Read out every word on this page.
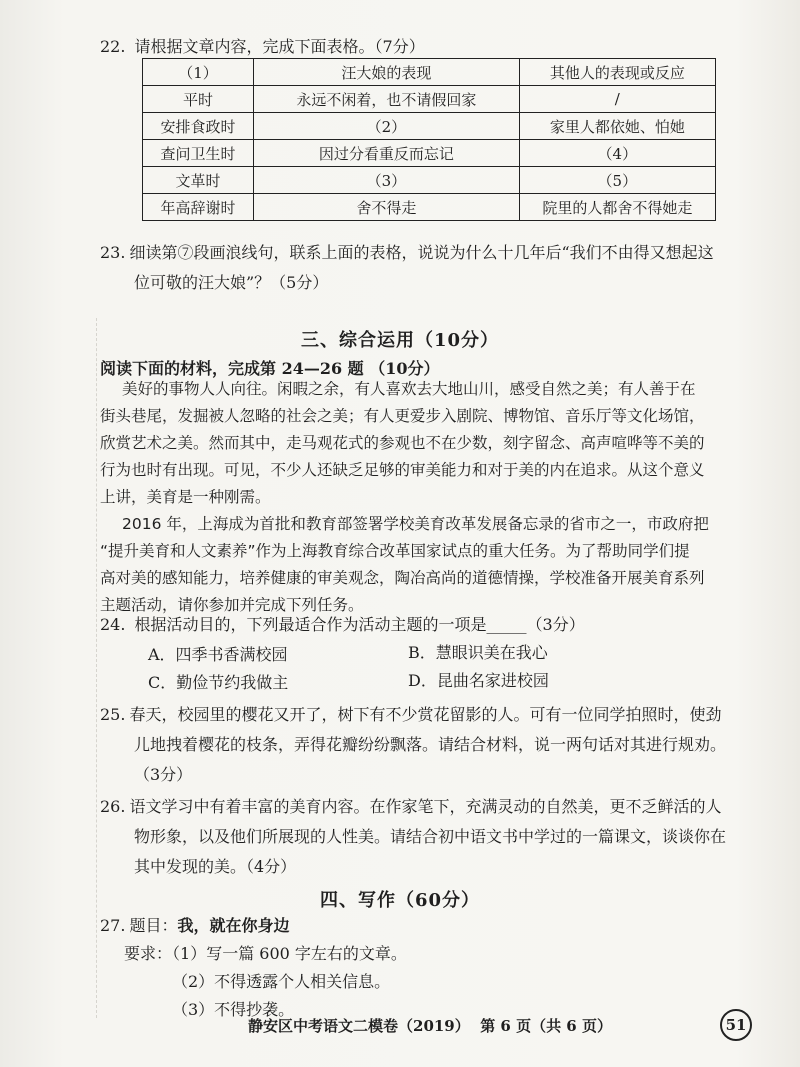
22. 请根据文章内容，完成下面表格。（7分）
（1）	汪大娘的表现	其他人的表现或反应
平时	永远不闲着，也不请假回家	/
安排食政时	（2）	家里人都依她、怕她
查问卫生时	因过分看重反而忘记	（4）
文革时	（3）	（5）
年高辞谢时	舍不得走	院里的人都舍不得她走
23. 细读第⑦段画浪线句，联系上面的表格，说说为什么十几年后“我们不由得又想起这
位可敬的汪大娘”？（5分）
三、综合运用（10分）
阅读下面的材料，完成第 24—26 题 （10分）
美好的事物人人向往。闲暇之余，有人喜欢去大地山川，感受自然之美；有人善于在
街头巷尾，发掘被人忽略的社会之美；有人更爱步入剧院、博物馆、音乐厅等文化场馆，
欣赏艺术之美。然而其中，走马观花式的参观也不在少数，刻字留念、高声喧哗等不美的
行为也时有出现。可见，不少人还缺乏足够的审美能力和对于美的内在追求。从这个意义
上讲，美育是一种刚需。
2016 年，上海成为首批和教育部签署学校美育改革发展备忘录的省市之一，市政府把
“提升美育和人文素养”作为上海教育综合改革国家试点的重大任务。为了帮助同学们提
高对美的感知能力，培养健康的审美观念，陶冶高尚的道德情操，学校准备开展美育系列
主题活动，请你参加并完成下列任务。
24. 根据活动目的，下列最适合作为活动主题的一项是_____（3分）
A．四季书香满校园	B．慧眼识美在我心
C．勤俭节约我做主	D．昆曲名家进校园
25. 春天，校园里的樱花又开了，树下有不少赏花留影的人。可有一位同学拍照时，使劲
儿地拽着樱花的枝条，弄得花瓣纷纷飘落。请结合材料，说一两句话对其进行规劝。
（3分）
26. 语文学习中有着丰富的美育内容。在作家笔下，充满灵动的自然美，更不乏鲜活的人
物形象，以及他们所展现的人性美。请结合初中语文书中学过的一篇课文，谈谈你在
其中发现的美。（4分）
四、写作（60分）
27. 题目：我，就在你身边
要求：（1）写一篇 600 字左右的文章。
（2）不得透露个人相关信息。
（3）不得抄袭。
静安区中考语文二模卷（2019）  第 6 页（共 6 页）	51
